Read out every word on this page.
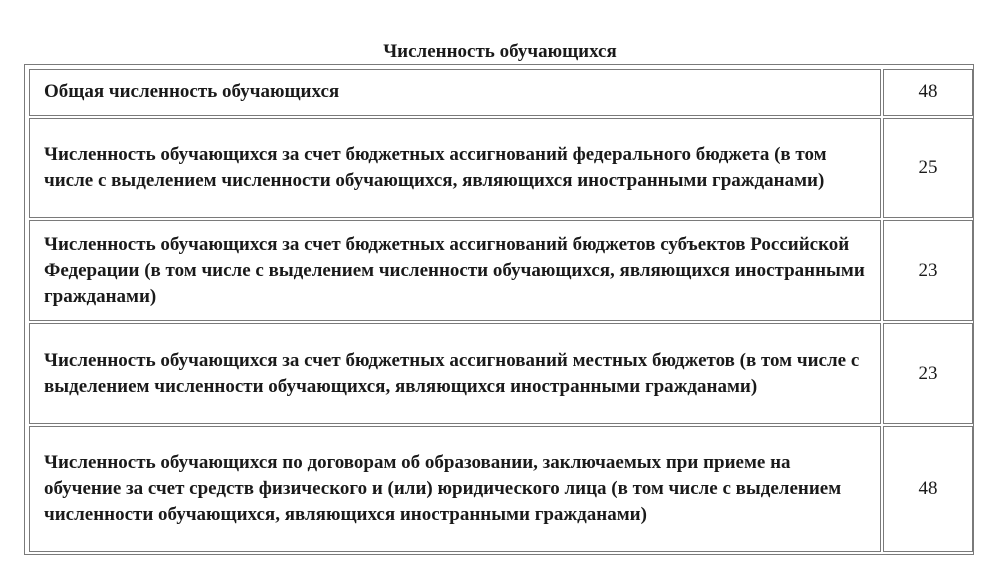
Численность обучающихся
Общая численность обучающихся	48
Численность обучающихся за счет бюджетных ассигнований федерального бюджета (в том числе с выделением численности обучающихся, являющихся иностранными гражданами)	25
Численность обучающихся за счет бюджетных ассигнований бюджетов субъектов Российской Федерации (в том числе с выделением численности обучающихся, являющихся иностранными гражданами)	23
Численность обучающихся за счет бюджетных ассигнований местных бюджетов (в том числе с выделением численности обучающихся, являющихся иностранными гражданами)	23
Численность обучающихся по договорам об образовании, заключаемых при приеме на обучение за счет средств физического и (или) юридического лица (в том числе с выделением численности обучающихся, являющихся иностранными гражданами)	48
